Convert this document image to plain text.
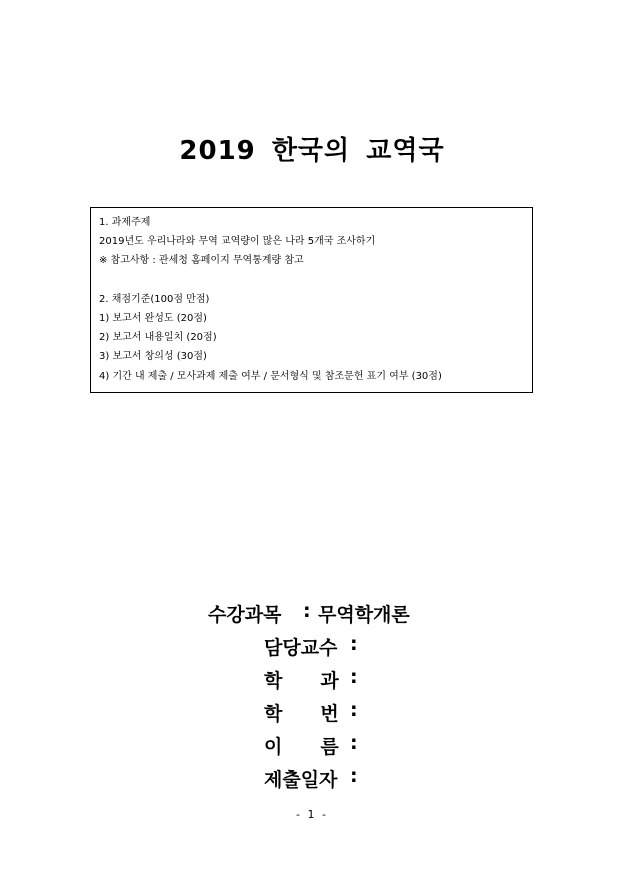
2019 한국의 교역국
1. 과제주제
2019년도 우리나라와 무역 교역량이 많은 나라 5개국 조사하기
※ 참고사항 : 관세청 홈페이지 무역통계량 참고
2. 채점기준(100점 만점)
1) 보고서 완성도 (20점)
2) 보고서 내용일치 (20점)
3) 보고서 창의성 (30점)
4) 기간 내 제출 / 모사과제 제출 여부 / 문서형식 및 참조문헌 표기 여부 (30점)
수강과목 : 무역학개론
담당교수 :
학　　과 :
학　　번 :
이　　름 :
제출일자 :
- 1 -
